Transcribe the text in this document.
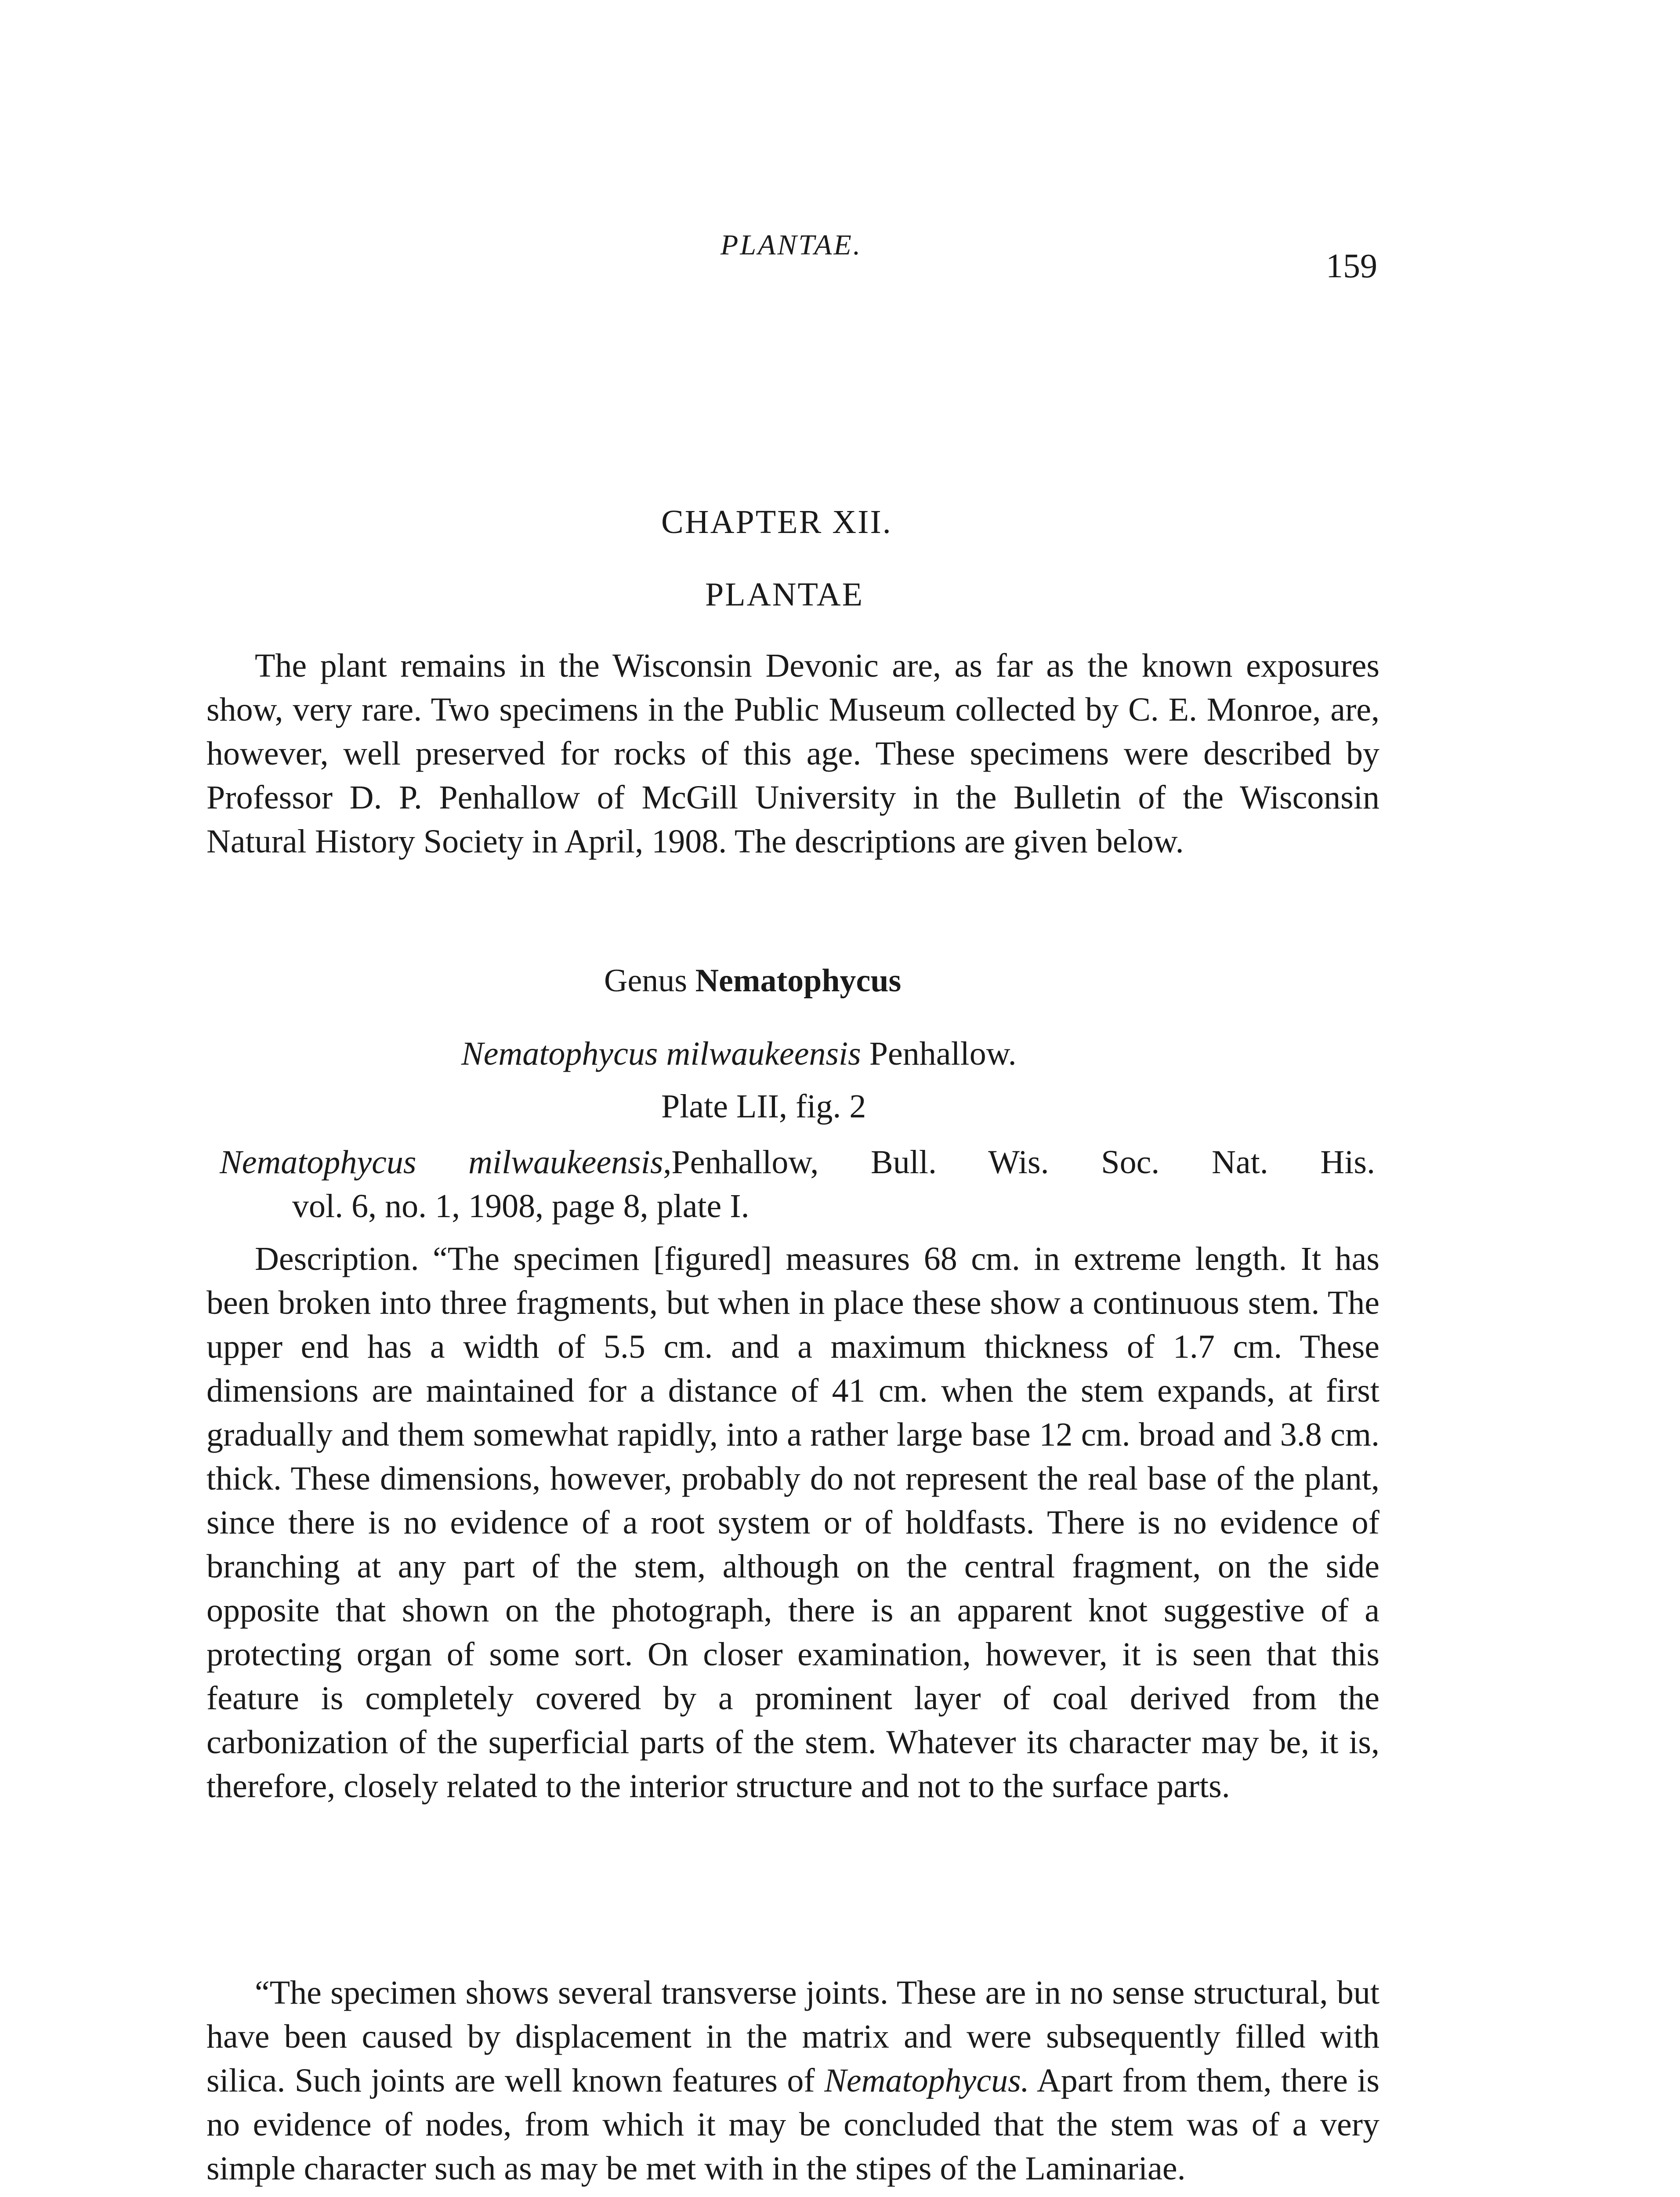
PLANTAE.
159
CHAPTER XII.
PLANTAE

The plant remains in the Wisconsin Devonic are, as far as the known exposures show, very rare. Two specimens in the Public Museum collected by C. E. Monroe, are, however, well preserved for rocks of this age. These specimens were described by Professor D. P. Penhallow of McGill University in the Bulletin of the Wisconsin Natural History Society in April, 1908. The descriptions are given below.

Genus Nematophycus
Nematophycus milwaukeensis Penhallow.
Plate LII, fig. 2
Nematophycus milwaukeensis,Penhallow, Bull. Wis. Soc. Nat. His.
vol. 6, no. 1, 1908, page 8, plate I.

Description. “The specimen [figured] measures 68 cm. in extreme length. It has been broken into three fragments, but when in place these show a continuous stem. The upper end has a width of 5.5 cm. and a maximum thickness of 1.7 cm. These dimensions are maintained for a distance of 41 cm. when the stem expands, at first gradually and them somewhat rapidly, into a rather large base 12 cm. broad and 3.8 cm. thick. These dimensions, however, probably do not represent the real base of the plant, since there is no evidence of a root system or of holdfasts. There is no evidence of branching at any part of the stem, although on the central fragment, on the side opposite that shown on the photograph, there is an apparent knot suggestive of a protecting organ of some sort. On closer examination, however, it is seen that this feature is completely covered by a prominent layer of coal derived from the carbonization of the superficial parts of the stem. Whatever its character may be, it is, therefore, closely related to the interior structure and not to the surface parts.

“The specimen shows several transverse joints. These are in no sense structural, but have been caused by displacement in the matrix and were subsequently filled with silica. Such joints are well known features of Nematophycus. Apart from them, there is no evidence of nodes, from which it may be concluded that the stem was of a very simple character such as may be met with in the stipes of the Laminariae.
